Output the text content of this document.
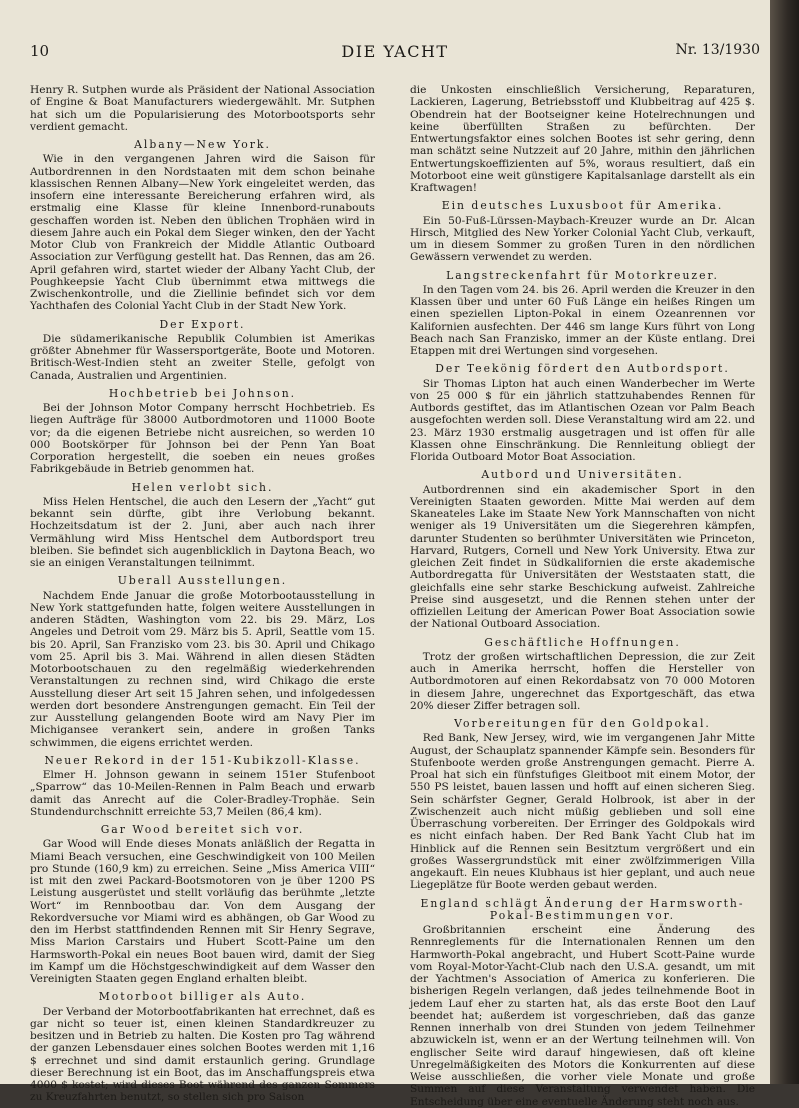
DIE YACHT
10	Nr. 13/1930

Henry R. Sutphen wurde als Präsident der National Association of Engine & Boat Manufacturers wiedergewählt. Mr. Sutphen hat sich um die Popularisierung des Motorbootsports sehr verdient gemacht.

Albany—New York.

Wie in den vergangenen Jahren wird die Saison für Autbordrennen in den Nordstaaten mit dem schon beinahe klassischen Rennen Albany—New York eingeleitet werden, das insofern eine interessante Bereicherung erfahren wird, als erstmalig eine Klasse für kleine Innenbord-runabouts geschaffen worden ist. Neben den üblichen Trophäen wird in diesem Jahre auch ein Pokal dem Sieger winken, den der Yacht Motor Club von Frankreich der Middle Atlantic Outboard Association zur Verfügung gestellt hat. Das Rennen, das am 26. April gefahren wird, startet wieder der Albany Yacht Club, der Poughkeepsie Yacht Club übernimmt etwa mittwegs die Zwischenkontrolle, und die Ziellinie befindet sich vor dem Yachthafen des Colonial Yacht Club in der Stadt New York.

Der Export.

Die südamerikanische Republik Columbien ist Amerikas größter Abnehmer für Wassersportgeräte, Boote und Motoren. Britisch-West-Indien steht an zweiter Stelle, gefolgt von Canada, Australien und Argentinien.

Hochbetrieb bei Johnson.

Bei der Johnson Motor Company herrscht Hochbetrieb. Es liegen Aufträge für 38000 Autbordmotoren und 11000 Boote vor; da die eigenen Betriebe nicht ausreichen, so werden 10 000 Bootskörper für Johnson bei der Penn Yan Boat Corporation hergestellt, die soeben ein neues großes Fabrikgebäude in Betrieb genommen hat.

Helen verlobt sich.

Miss Helen Hentschel, die auch den Lesern der „Yacht“ gut bekannt sein dürfte, gibt ihre Verlobung bekannt. Hochzeitsdatum ist der 2. Juni, aber auch nach ihrer Vermählung wird Miss Hentschel dem Autbordsport treu bleiben. Sie befindet sich augenblicklich in Daytona Beach, wo sie an einigen Veranstaltungen teilnimmt.

Uberall Ausstellungen.

Nachdem Ende Januar die große Motorbootausstellung in New York stattgefunden hatte, folgen weitere Ausstellungen in anderen Städten, Washington vom 22. bis 29. März, Los Angeles und Detroit vom 29. März bis 5. April, Seattle vom 15. bis 20. April, San Franzisko vom 23. bis 30. April und Chikago vom 25. April bis 3. Mai. Während in allen diesen Städten Motorbootschauen zu den regelmäßig wiederkehrenden Veranstaltungen zu rechnen sind, wird Chikago die erste Ausstellung dieser Art seit 15 Jahren sehen, und infolgedessen werden dort besondere Anstrengungen gemacht. Ein Teil der zur Ausstellung gelangenden Boote wird am Navy Pier im Michigansee verankert sein, andere in großen Tanks schwimmen, die eigens errichtet werden.

Neuer Rekord in der 151-Kubikzoll-Klasse.

Elmer H. Johnson gewann in seinem 151er Stufenboot „Sparrow“ das 10-Meilen-Rennen in Palm Beach und erwarb damit das Anrecht auf die Coler-Bradley-Trophäe. Sein Stundendurchschnitt erreichte 53,7 Meilen (86,4 km).

Gar Wood bereitet sich vor.

Gar Wood will Ende dieses Monats anläßlich der Regatta in Miami Beach versuchen, eine Geschwindigkeit von 100 Meilen pro Stunde (160,9 km) zu erreichen. Seine „Miss America VIII“ ist mit den zwei Packard-Bootsmotoren von je über 1200 PS Leistung ausgerüstet und stellt vorläufig das berühmte „letzte Wort“ im Rennbootbau dar. Von dem Ausgang der Rekordversuche vor Miami wird es abhängen, ob Gar Wood zu den im Herbst stattfindenden Rennen mit Sir Henry Segrave, Miss Marion Carstairs und Hubert Scott-Paine um den Harmsworth-Pokal ein neues Boot bauen wird, damit der Sieg im Kampf um die Höchstgeschwindigkeit auf dem Wasser den Vereinigten Staaten gegen England erhalten bleibt.

Motorboot billiger als Auto.

Der Verband der Motorbootfabrikanten hat errechnet, daß es gar nicht so teuer ist, einen kleinen Standardkreuzer zu besitzen und in Betrieb zu halten. Die Kosten pro Tag während der ganzen Lebensdauer eines solchen Bootes werden mit 1,16 $ errechnet und sind damit erstaunlich gering. Grundlage dieser Berechnung ist ein Boot, das im Anschaffungspreis etwa 4000 $ kostet; wird dieses Boot während des ganzen Sommers zu Kreuzfahrten benutzt, so stellen sich pro Saison

die Unkosten einschließlich Versicherung, Reparaturen, Lackieren, Lagerung, Betriebsstoff und Klubbeitrag auf 425 $. Obendrein hat der Bootseigner keine Hotelrechnungen und keine überfüllten Straßen zu befürchten. Der Entwertungsfaktor eines solchen Bootes ist sehr gering, denn man schätzt seine Nutzzeit auf 20 Jahre, mithin den jährlichen Entwertungskoeffizienten auf 5%, woraus resultiert, daß ein Motorboot eine weit günstigere Kapitalsanlage darstellt als ein Kraftwagen!

Ein deutsches Luxusboot für Amerika.

Ein 50-Fuß-Lürssen-Maybach-Kreuzer wurde an Dr. Alcan Hirsch, Mitglied des New Yorker Colonial Yacht Club, verkauft, um in diesem Sommer zu großen Turen in den nördlichen Gewässern verwendet zu werden.

Langstreckenfahrt für Motorkreuzer.

In den Tagen vom 24. bis 26. April werden die Kreuzer in den Klassen über und unter 60 Fuß Länge ein heißes Ringen um einen speziellen Lipton-Pokal in einem Ozeanrennen vor Kalifornien ausfechten. Der 446 sm lange Kurs führt von Long Beach nach San Franzisko, immer an der Küste entlang. Drei Etappen mit drei Wertungen sind vorgesehen.

Der Teekönig fördert den Autbordsport.

Sir Thomas Lipton hat auch einen Wanderbecher im Werte von 25 000 $ für ein jährlich stattzuhabendes Rennen für Autbords gestiftet, das im Atlantischen Ozean vor Palm Beach ausgefochten werden soll. Diese Veranstaltung wird am 22. und 23. März 1930 erstmalig ausgetragen und ist offen für alle Klassen ohne Einschränkung. Die Rennleitung obliegt der Florida Outboard Motor Boat Association.

Autbord und Universitäten.

Autbordrennen sind ein akademischer Sport in den Vereinigten Staaten geworden. Mitte Mai werden auf dem Skaneateles Lake im Staate New York Mannschaften von nicht weniger als 19 Universitäten um die Siegerehren kämpfen, darunter Studenten so berühmter Universitäten wie Princeton, Harvard, Rutgers, Cornell und New York University. Etwa zur gleichen Zeit findet in Südkalifornien die erste akademische Autbordregatta für Universitäten der Weststaaten statt, die gleichfalls eine sehr starke Beschickung aufweist. Zahlreiche Preise sind ausgesetzt, und die Rennen stehen unter der offiziellen Leitung der American Power Boat Association sowie der National Outboard Association.

Geschäftliche Hoffnungen.

Trotz der großen wirtschaftlichen Depression, die zur Zeit auch in Amerika herrscht, hoffen die Hersteller von Autbordmotoren auf einen Rekordabsatz von 70 000 Motoren in diesem Jahre, ungerechnet das Exportgeschäft, das etwa 20% dieser Ziffer betragen soll.

Vorbereitungen für den Goldpokal.

Red Bank, New Jersey, wird, wie im vergangenen Jahr Mitte August, der Schauplatz spannender Kämpfe sein. Besonders für Stufenboote werden große Anstrengungen gemacht. Pierre A. Proal hat sich ein fünfstufiges Gleitboot mit einem Motor, der 550 PS leistet, bauen lassen und hofft auf einen sicheren Sieg. Sein schärfster Gegner, Gerald Holbrook, ist aber in der Zwischenzeit auch nicht müßig geblieben und soll eine Überraschung vorbereiten. Der Erringer des Goldpokals wird es nicht einfach haben. Der Red Bank Yacht Club hat im Hinblick auf die Rennen sein Besitztum vergrößert und ein großes Wassergrundstück mit einer zwölfzimmerigen Villa angekauft. Ein neues Klubhaus ist hier geplant, und auch neue Liegeplätze für Boote werden gebaut werden.

England schlägt Änderung der Harmsworth-Pokal-Bestimmungen vor.

Großbritannien erscheint eine Änderung des Rennreglements für die Internationalen Rennen um den Harmworth-Pokal angebracht, und Hubert Scott-Paine wurde vom Royal-Motor-Yacht-Club nach den U.S.A. gesandt, um mit der Yachtmen's Association of America zu konferieren. Die bisherigen Regeln verlangen, daß jedes teilnehmende Boot in jedem Lauf eher zu starten hat, als das erste Boot den Lauf beendet hat; außerdem ist vorgeschrieben, daß das ganze Rennen innerhalb von drei Stunden von jedem Teilnehmer abzuwickeln ist, wenn er an der Wertung teilnehmen will. Von englischer Seite wird darauf hingewiesen, daß oft kleine Unregelmäßigkeiten des Motors die Konkurrenten auf diese Weise ausschließen, die vorher viele Monate und große Summen auf diese Veranstaltung verwendet haben. Die Entscheidung über eine eventuelle Änderung steht noch aus.
